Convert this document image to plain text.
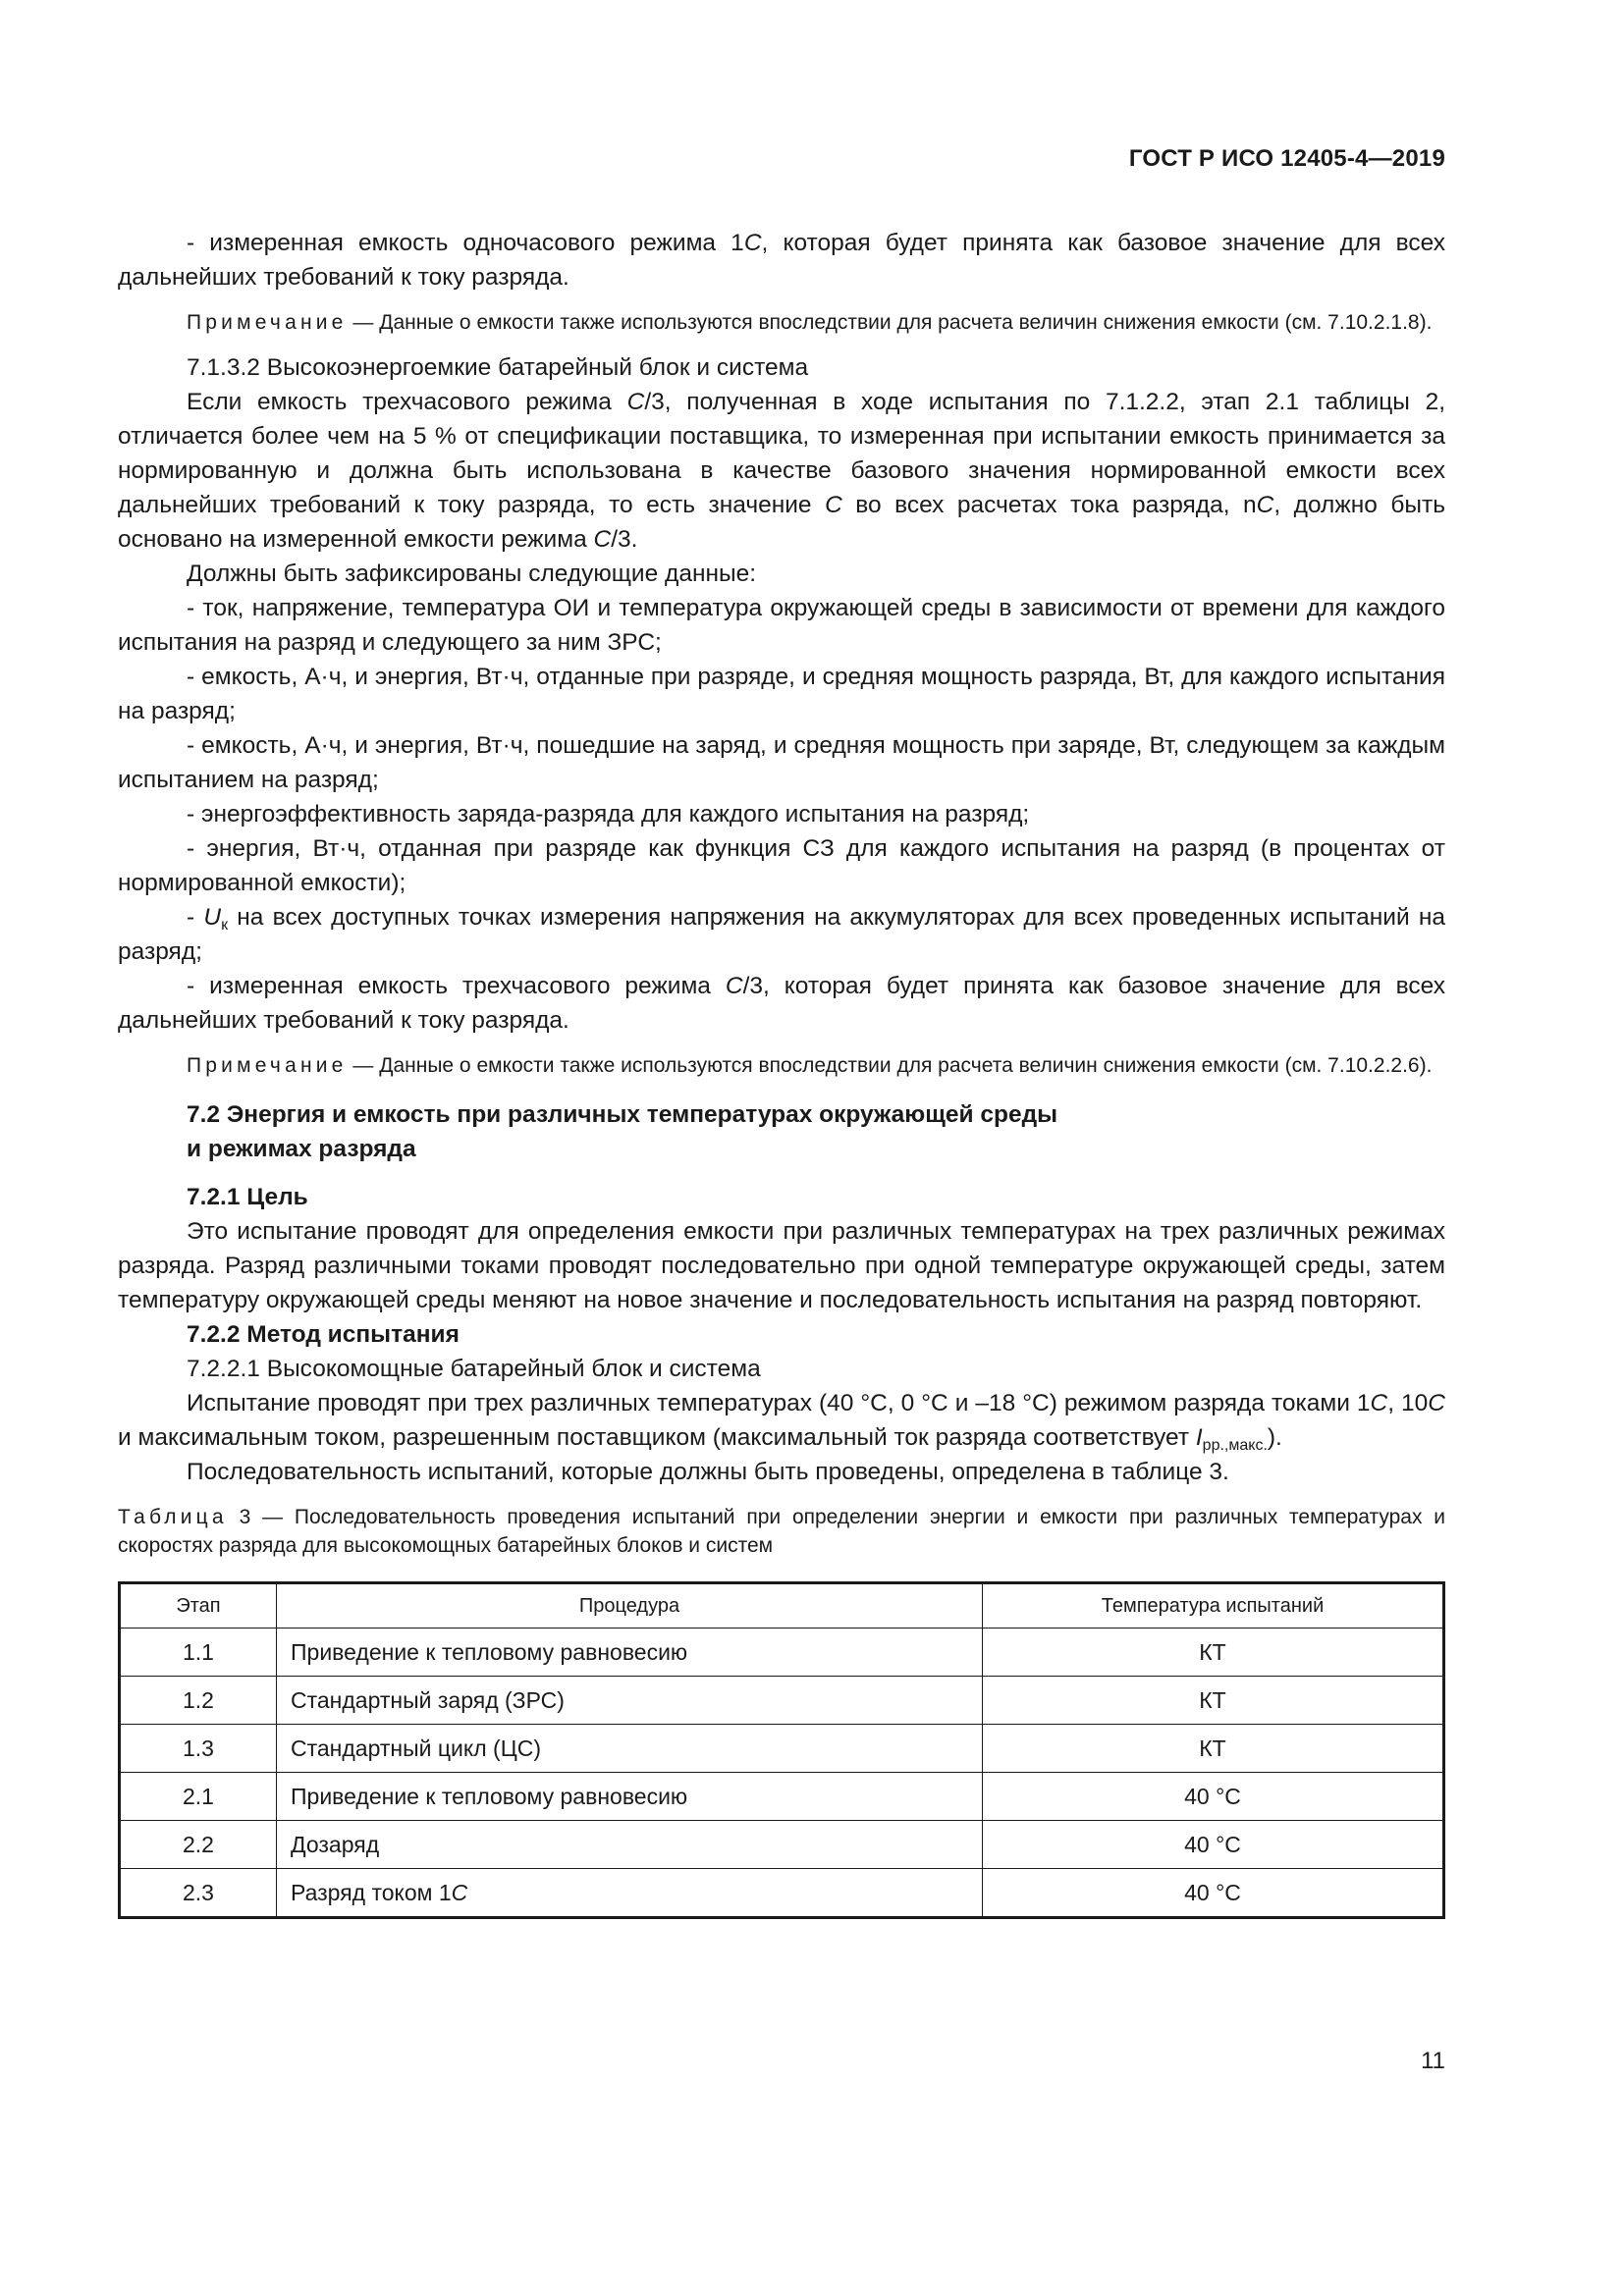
ГОСТ Р ИСО 12405-4—2019

- измеренная емкость одночасового режима 1C, которая будет принята как базовое значение для всех дальнейших требований к току разряда.

Примечание — Данные о емкости также используются впоследствии для расчета величин снижения емкости (см. 7.10.2.1.8).

7.1.3.2 Высокоэнергоемкие батарейный блок и система

Если емкость трехчасового режима C/3, полученная в ходе испытания по 7.1.2.2, этап 2.1 таблицы 2, отличается более чем на 5 % от спецификации поставщика, то измеренная при испытании емкость принимается за нормированную и должна быть использована в качестве базового значения нормированной емкости всех дальнейших требований к току разряда, то есть значение C во всех расчетах тока разряда, nC, должно быть основано на измеренной емкости режима C/3.

Должны быть зафиксированы следующие данные:

- ток, напряжение, температура ОИ и температура окружающей среды в зависимости от времени для каждого испытания на разряд и следующего за ним ЗРС;

- емкость, А·ч, и энергия, Вт·ч, отданные при разряде, и средняя мощность разряда, Вт, для каждого испытания на разряд;

- емкость, А·ч, и энергия, Вт·ч, пошедшие на заряд, и средняя мощность при заряде, Вт, следующем за каждым испытанием на разряд;

- энергоэффективность заряда-разряда для каждого испытания на разряд;

- энергия, Вт·ч, отданная при разряде как функция СЗ для каждого испытания на разряд (в процентах от нормированной емкости);

- $U_к$ на всех доступных точках измерения напряжения на аккумуляторах для всех проведенных испытаний на разряд;

- измеренная емкость трехчасового режима C/3, которая будет принята как базовое значение для всех дальнейших требований к току разряда.

Примечание — Данные о емкости также используются впоследствии для расчета величин снижения емкости (см. 7.10.2.2.6).

7.2 Энергия и емкость при различных температурах окружающей среды
и режимах разряда
7.2.1 Цель

Это испытание проводят для определения емкости при различных температурах на трех различных режимах разряда. Разряд различными токами проводят последовательно при одной температуре окружающей среды, затем температуру окружающей среды меняют на новое значение и последовательность испытания на разряд повторяют.

7.2.2 Метод испытания

7.2.2.1 Высокомощные батарейный блок и система

Испытание проводят при трех различных температурах (40 °С, 0 °С и –18 °С) режимом разряда токами 1C, 10C и максимальным током, разрешенным поставщиком (максимальный ток разряда соответствует $I_{рр.,макс.}$).

Последовательность испытаний, которые должны быть проведены, определена в таблице 3.

Таблица 3 — Последовательность проведения испытаний при определении энергии и емкости при различных температурах и скоростях разряда для высокомощных батарейных блоков и систем

Этап	Процедура	Температура испытаний
1.1	Приведение к тепловому равновесию	КТ
1.2	Стандартный заряд (ЗРС)	КТ
1.3	Стандартный цикл (ЦС)	КТ
2.1	Приведение к тепловому равновесию	40 °С
2.2	Дозаряд	40 °С
2.3	Разряд током 1C	40 °С
11
